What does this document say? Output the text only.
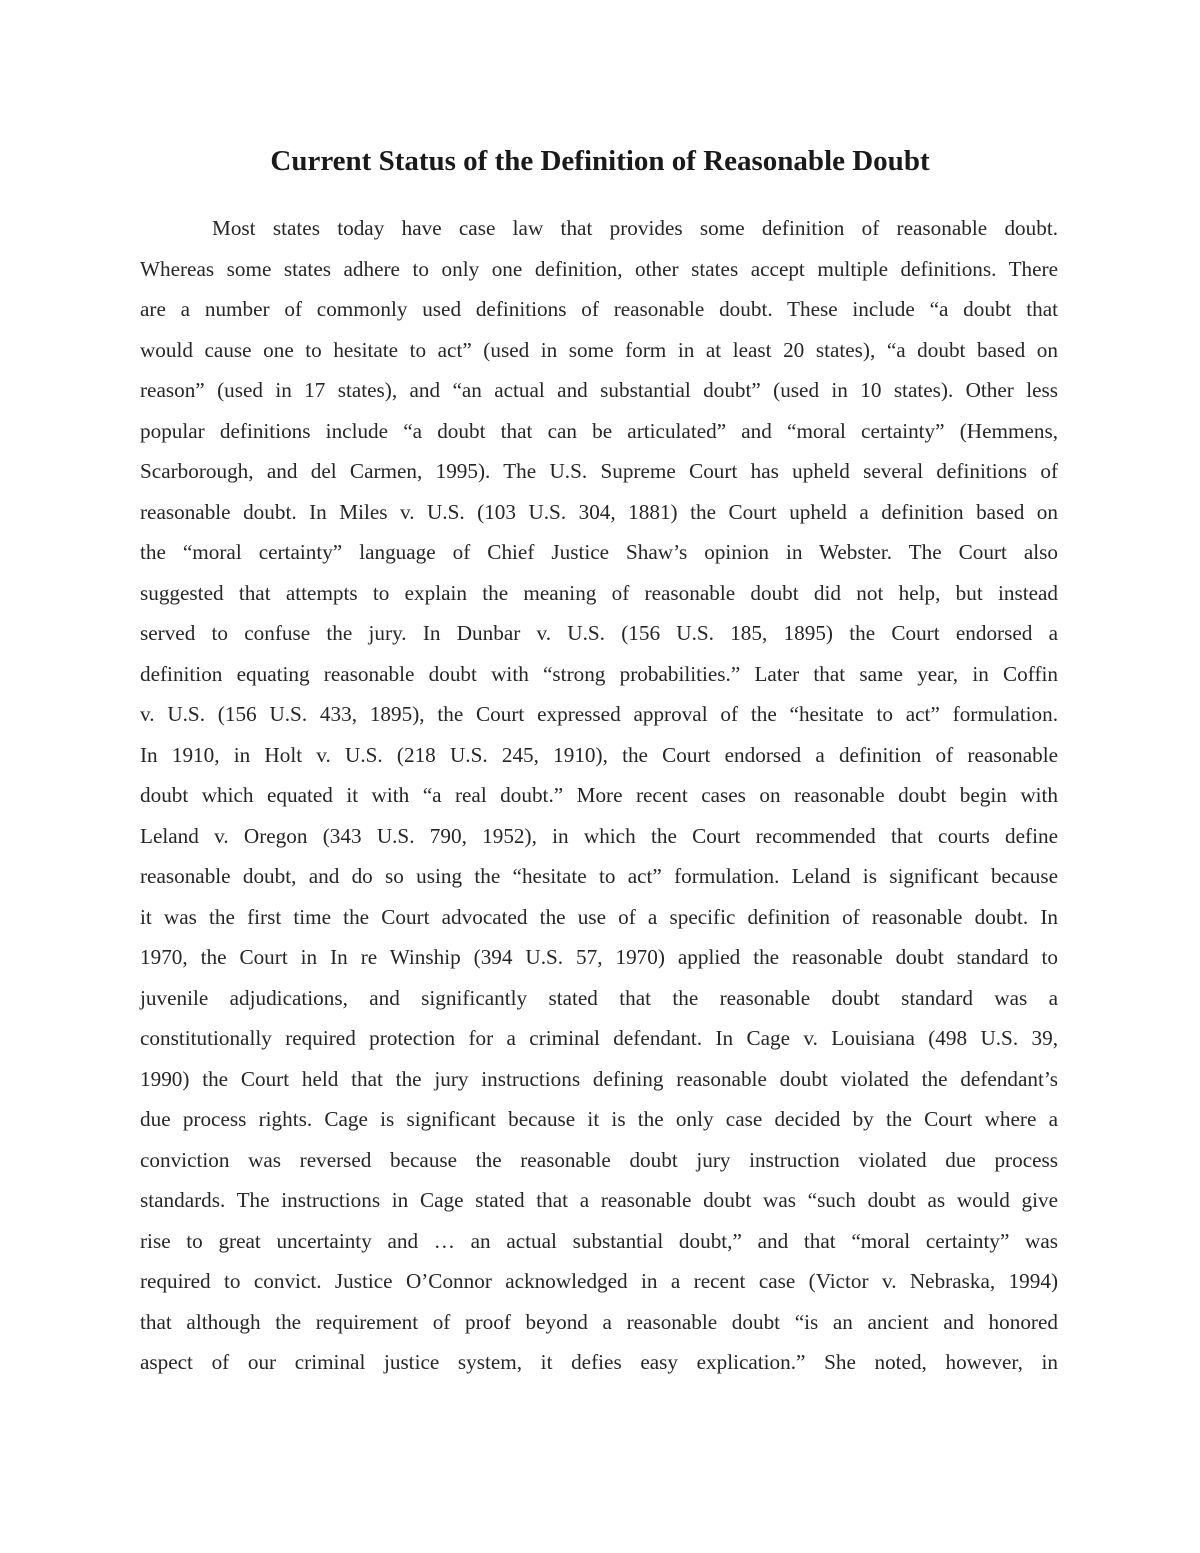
Current Status of the Definition of Reasonable Doubt
Most states today have case law that provides some definition of reasonable doubt.
Whereas some states adhere to only one definition, other states accept multiple definitions. There
are a number of commonly used definitions of reasonable doubt. These include “a doubt that
would cause one to hesitate to act” (used in some form in at least 20 states), “a doubt based on
reason” (used in 17 states), and “an actual and substantial doubt” (used in 10 states). Other less
popular definitions include “a doubt that can be articulated” and “moral certainty” (Hemmens,
Scarborough, and del Carmen, 1995). The U.S. Supreme Court has upheld several definitions of
reasonable doubt. In Miles v. U.S. (103 U.S. 304, 1881) the Court upheld a definition based on
the “moral certainty” language of Chief Justice Shaw’s opinion in Webster. The Court also
suggested that attempts to explain the meaning of reasonable doubt did not help, but instead
served to confuse the jury. In Dunbar v. U.S. (156 U.S. 185, 1895) the Court endorsed a
definition equating reasonable doubt with “strong probabilities.” Later that same year, in Coffin
v. U.S. (156 U.S. 433, 1895), the Court expressed approval of the “hesitate to act” formulation.
In 1910, in Holt v. U.S. (218 U.S. 245, 1910), the Court endorsed a definition of reasonable
doubt which equated it with “a real doubt.” More recent cases on reasonable doubt begin with
Leland v. Oregon (343 U.S. 790, 1952), in which the Court recommended that courts define
reasonable doubt, and do so using the “hesitate to act” formulation. Leland is significant because
it was the first time the Court advocated the use of a specific definition of reasonable doubt. In
1970, the Court in In re Winship (394 U.S. 57, 1970) applied the reasonable doubt standard to
juvenile adjudications, and significantly stated that the reasonable doubt standard was a
constitutionally required protection for a criminal defendant. In Cage v. Louisiana (498 U.S. 39,
1990) the Court held that the jury instructions defining reasonable doubt violated the defendant’s
due process rights. Cage is significant because it is the only case decided by the Court where a
conviction was reversed because the reasonable doubt jury instruction violated due process
standards. The instructions in Cage stated that a reasonable doubt was “such doubt as would give
rise to great uncertainty and … an actual substantial doubt,” and that “moral certainty” was
required to convict. Justice O’Connor acknowledged in a recent case (Victor v. Nebraska, 1994)
that although the requirement of proof beyond a reasonable doubt “is an ancient and honored
aspect of our criminal justice system, it defies easy explication.” She noted, however, in
